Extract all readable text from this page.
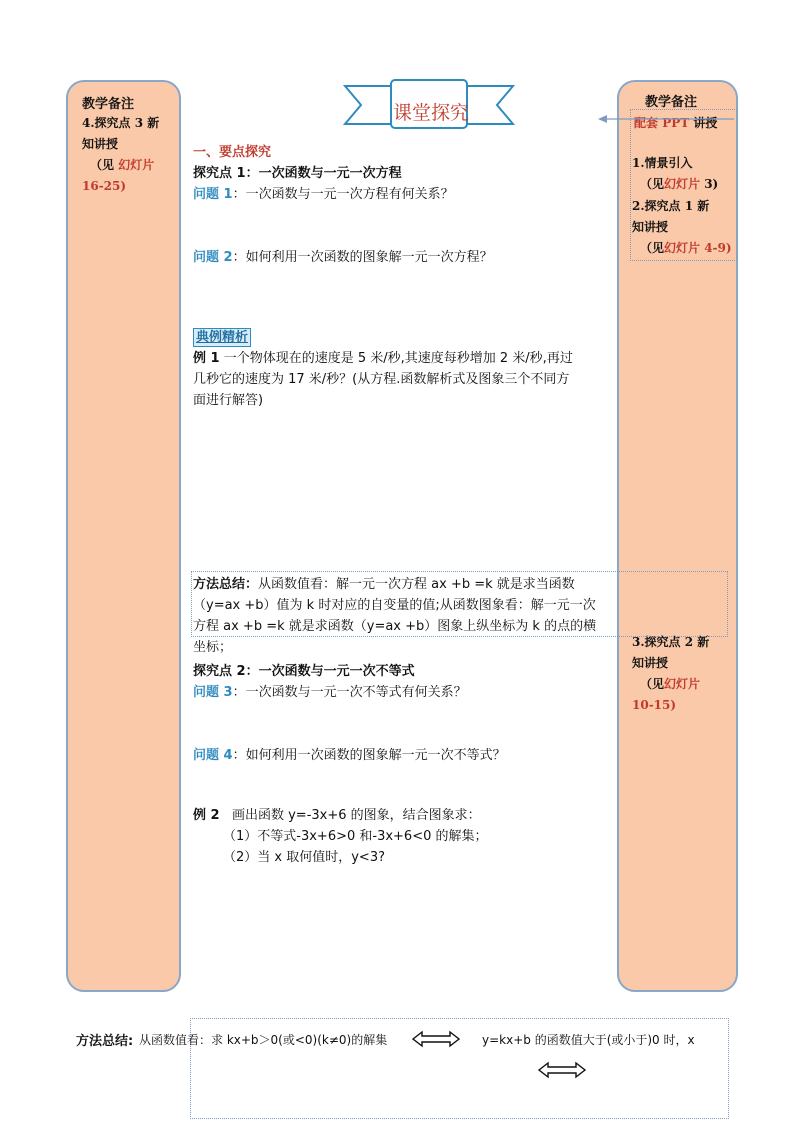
教学备注
4.探究点 3 新
知讲授
（见 幻灯片
16-25)
教学备注
配套 PPT 讲授
1.情景引入
（见幻灯片 3)
2.探究点 1 新
知讲授
（见幻灯片 4-9)
3.探究点 2 新
知讲授
（见幻灯片
10-15)
课堂探究
一、要点探究
探究点 1：一次函数与一元一次方程
问题 1：一次函数与一元一次方程有何关系？
问题 2：如何利用一次函数的图象解一元一次方程？
典例精析
例 1 一个物体现在的速度是 5 米/秒,其速度每秒增加 2 米/秒,再过
几秒它的速度为 17 米/秒？(从方程.函数解析式及图象三个不同方
面进行解答)
方法总结：从函数值看：解一元一次方程 ax +b =k 就是求当函数
（y=ax +b）值为 k 时对应的自变量的值;从函数图象看：解一元一次
方程 ax +b =k 就是求函数（y=ax +b）图象上纵坐标为 k 的点的横
坐标；
探究点 2：一次函数与一元一次不等式
问题 3：一次函数与一元一次不等式有何关系？
问题 4：如何利用一次函数的图象解一元一次不等式？
例 2 画出函数 y=-3x+6 的图象，结合图象求：
（1）不等式-3x+6>0 和-3x+6<0 的解集；
（2）当 x 取何值时，y<3?
方法总结: 从函数值看：求 kx+b＞0(或<0)(k≠0)的解集	y=kx+b 的函数值大于(或小于)0 时，x
